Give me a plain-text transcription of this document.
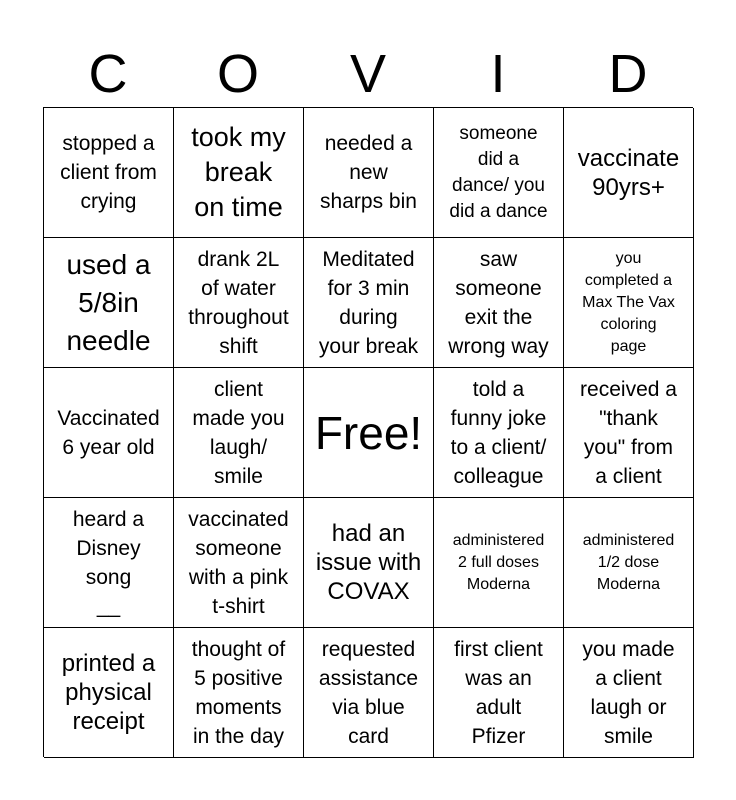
C	O	V	I	D
stopped a
client from
crying
took my
break
on time
needed a
new
sharps bin
someone
did a
dance/ you
did a dance
vaccinate
90yrs+
used a
5/8in
needle
drank 2L
of water
throughout
shift
Meditated
for 3 min
during
your break
saw
someone
exit the
wrong way
you
completed a
Max The Vax
coloring
page
Vaccinated
6 year old
client
made you
laugh/
smile
Free!
told a
funny joke
to a client/
colleague
received a
"thank
you" from
a client
heard a
Disney
song
__
vaccinated
someone
with a pink
t-shirt
had an
issue with
COVAX
administered
2 full doses
Moderna
administered
1/2 dose
Moderna
printed a
physical
receipt
thought of
5 positive
moments
in the day
requested
assistance
via blue
card
first client
was an
adult
Pfizer
you made
a client
laugh or
smile
